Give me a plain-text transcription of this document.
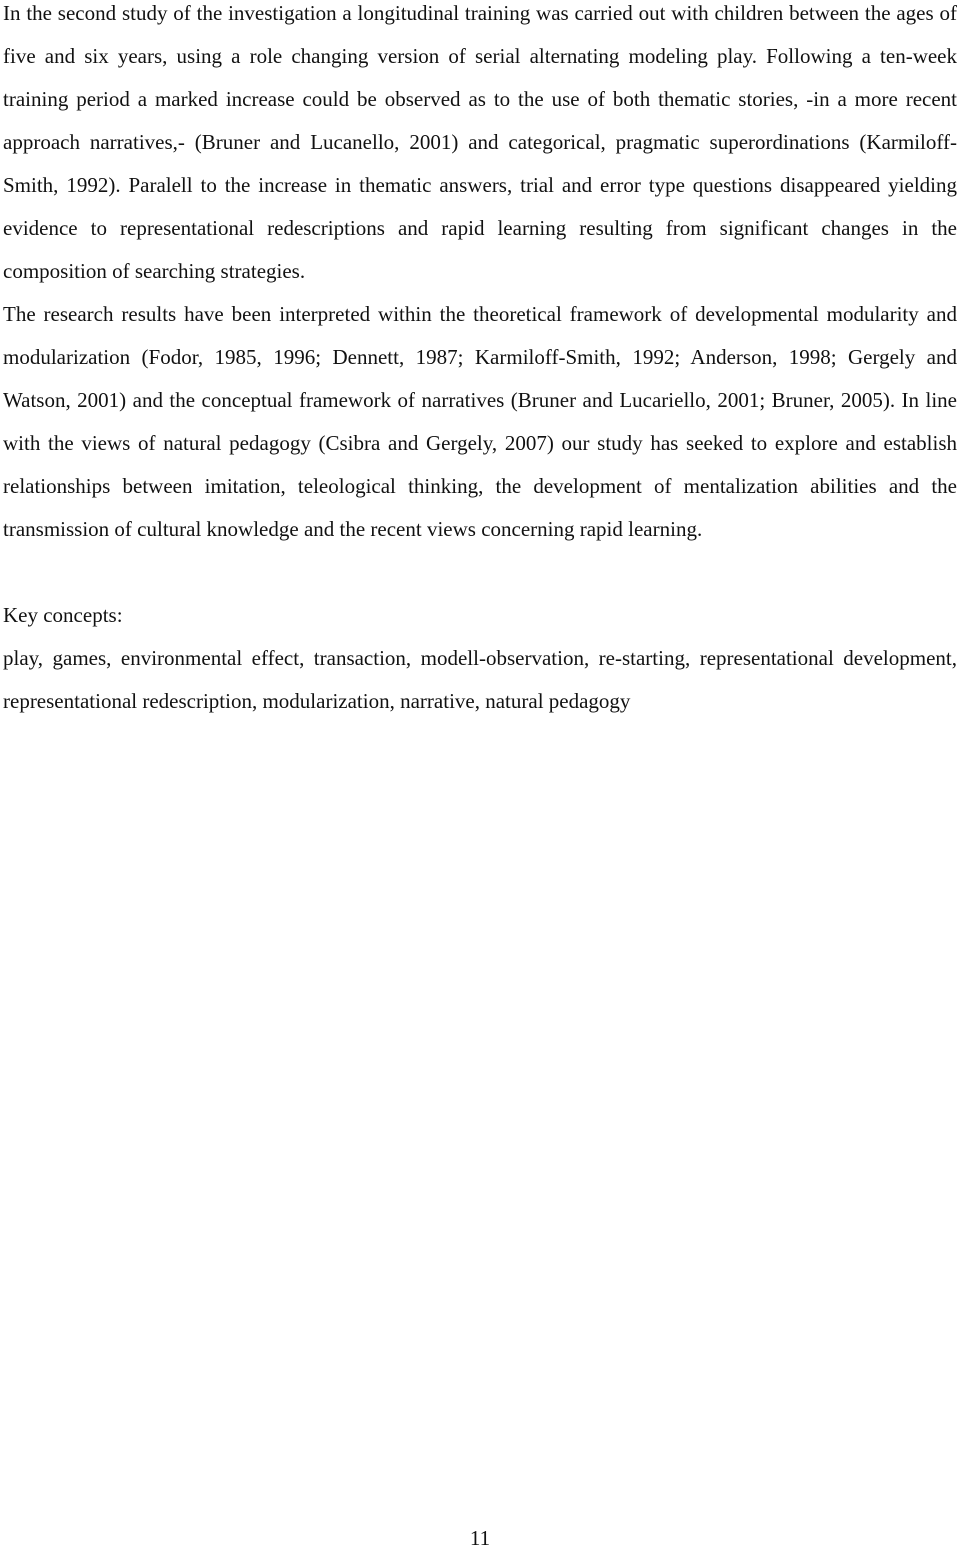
In the second study of the investigation a longitudinal training was carried out with children between the ages of five and six years, using a role changing version of serial alternating modeling play. Following a ten-week training period a marked increase could be observed as to the use of both thematic stories, -in a more recent approach narratives,- (Bruner and Lucanello, 2001) and categorical, pragmatic superordinations (Karmiloff-Smith, 1992). Paralell to the increase in thematic answers, trial and error type questions disappeared yielding evidence to representational redescriptions and rapid learning resulting from significant changes in the composition of searching strategies.

The research results have been interpreted within the theoretical framework of developmental modularity and modularization (Fodor, 1985, 1996; Dennett, 1987; Karmiloff-Smith, 1992; Anderson, 1998; Gergely and Watson, 2001) and the conceptual framework of narratives (Bruner and Lucariello, 2001; Bruner, 2005). In line with the views of natural pedagogy (Csibra and Gergely, 2007) our study has seeked to explore and establish relationships between imitation, teleological thinking, the development of mentalization abilities and the transmission of cultural knowledge and the recent views concerning rapid learning.

Key concepts:

play, games, environmental effect, transaction, modell-observation, re-starting, representational development, representational redescription, modularization, narrative, natural pedagogy

11
